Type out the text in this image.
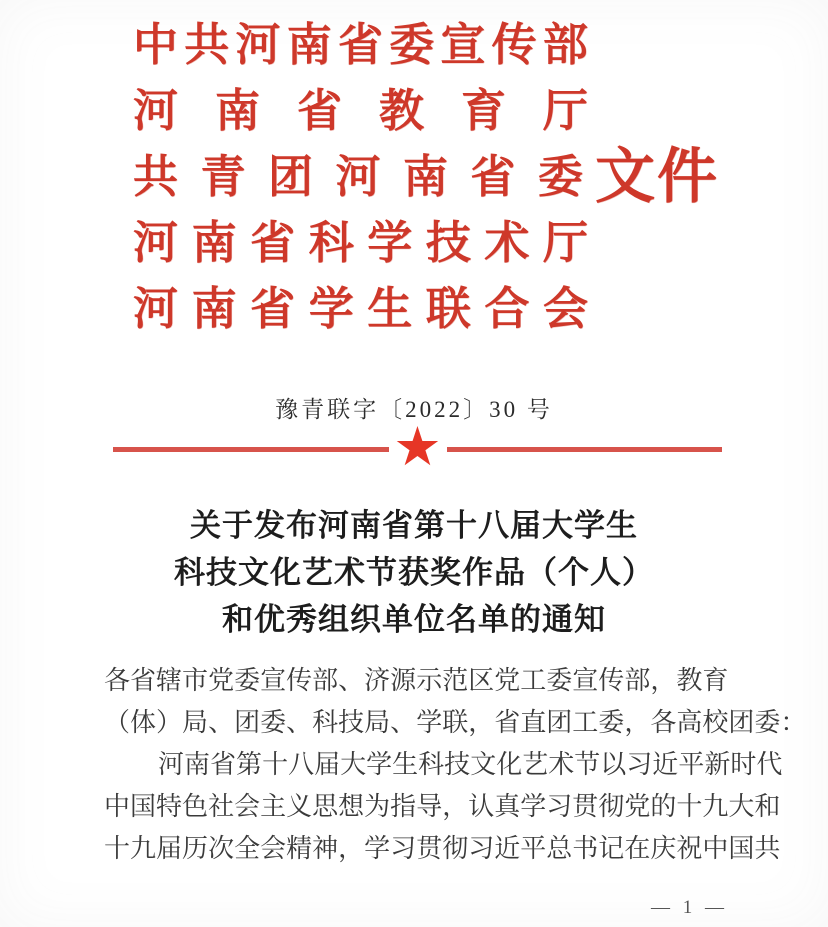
中 共 河 南 省 委 宣 传 部
河 南 省 教 育 厅
共 青 团 河 南 省 委 文件
河 南 省 科 学 技 术 厅
河 南 省 学 生 联 合 会
豫青联字〔2022〕30 号
★
关于发布河南省第十八届大学生
科技文化艺术节获奖作品（个人）
和优秀组织单位名单的通知
各 省 辖 市 党 委 宣 传 部 、 济 源 示 范 区 党 工 委 宣 传 部 ， 教 育
（ 体 ） 局 、 团 委 、 科 技 局 、 学 联 ， 省 直 团 工 委 ， 各 高 校 团 委 ：
河 南 省 第 十 八 届 大 学 生 科 技 文 化 艺 术 节 以 习 近 平 新 时 代
中 国 特 色 社 会 主 义 思 想 为 指 导 ， 认 真 学 习 贯 彻 党 的 十 九 大 和
十 九 届 历 次 全 会 精 神 ， 学 习 贯 彻 习 近 平 总 书 记 在 庆 祝 中 国 共
— 1 —
